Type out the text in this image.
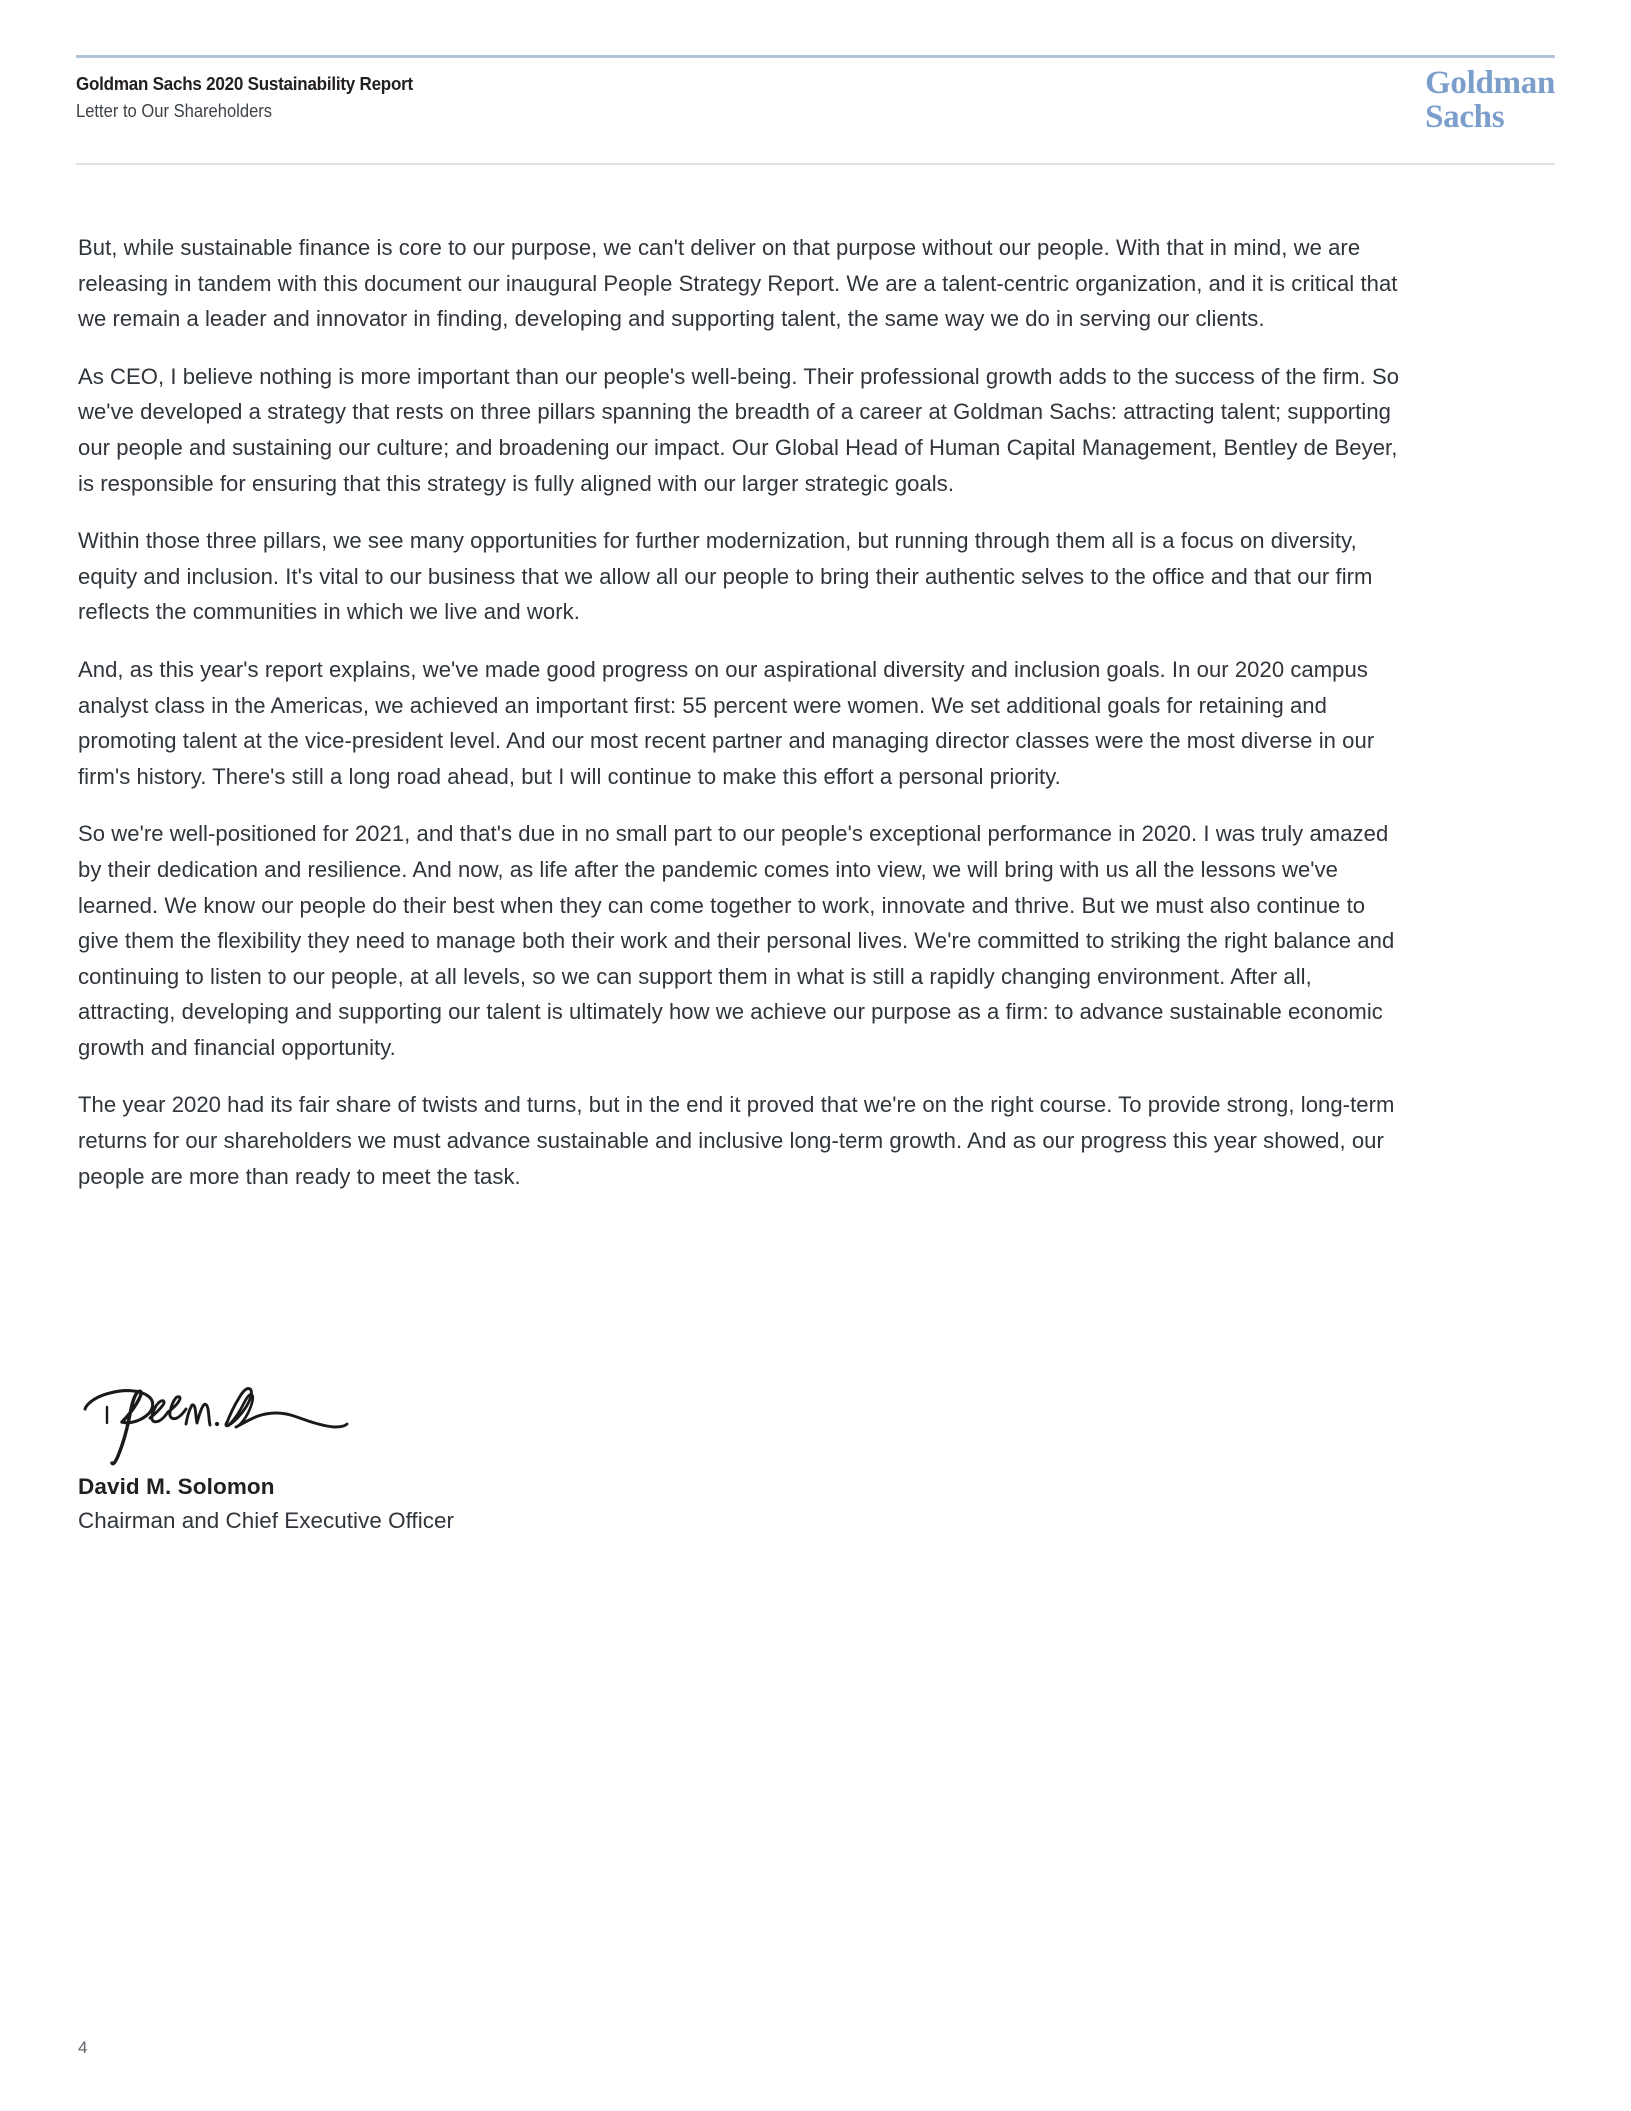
Goldman Sachs 2020 Sustainability Report
Letter to Our Shareholders
Goldman
Sachs

But, while sustainable finance is core to our purpose, we can't deliver on that purpose without our people. With that in mind, we are releasing in tandem with this document our inaugural People Strategy Report. We are a talent-centric organization, and it is critical that we remain a leader and innovator in finding, developing and supporting talent, the same way we do in serving our clients.

As CEO, I believe nothing is more important than our people's well-being. Their professional growth adds to the success of the firm. So we've developed a strategy that rests on three pillars spanning the breadth of a career at Goldman Sachs: attracting talent; supporting our people and sustaining our culture; and broadening our impact. Our Global Head of Human Capital Management, Bentley de Beyer, is responsible for ensuring that this strategy is fully aligned with our larger strategic goals.

Within those three pillars, we see many opportunities for further modernization, but running through them all is a focus on diversity, equity and inclusion. It's vital to our business that we allow all our people to bring their authentic selves to the office and that our firm reflects the communities in which we live and work.

And, as this year's report explains, we've made good progress on our aspirational diversity and inclusion goals. In our 2020 campus analyst class in the Americas, we achieved an important first: 55 percent were women. We set additional goals for retaining and promoting talent at the vice-president level. And our most recent partner and managing director classes were the most diverse in our firm's history. There's still a long road ahead, but I will continue to make this effort a personal priority.

So we're well-positioned for 2021, and that's due in no small part to our people's exceptional performance in 2020. I was truly amazed by their dedication and resilience. And now, as life after the pandemic comes into view, we will bring with us all the lessons we've learned. We know our people do their best when they can come together to work, innovate and thrive. But we must also continue to give them the flexibility they need to manage both their work and their personal lives. We're committed to striking the right balance and continuing to listen to our people, at all levels, so we can support them in what is still a rapidly changing environment. After all, attracting, developing and supporting our talent is ultimately how we achieve our purpose as a firm: to advance sustainable economic growth and financial opportunity.

The year 2020 had its fair share of twists and turns, but in the end it proved that we're on the right course. To provide strong, long-term returns for our shareholders we must advance sustainable and inclusive long-term growth. And as our progress this year showed, our people are more than ready to meet the task.

David M. Solomon
Chairman and Chief Executive Officer
4
